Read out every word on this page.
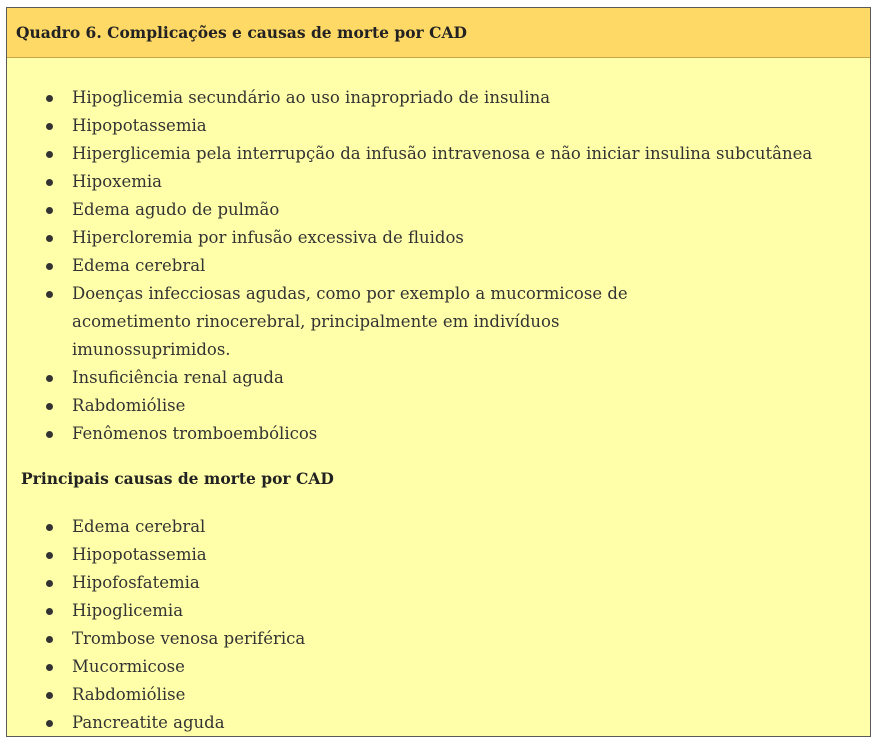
Quadro 6. Complicações e causas de morte por CAD
Hipoglicemia secundário ao uso inapropriado de insulina
Hipopotassemia
Hiperglicemia pela interrupção da infusão intravenosa e não iniciar insulina subcutânea
Hipoxemia
Edema agudo de pulmão
Hipercloremia por infusão excessiva de fluidos
Edema cerebral
Doenças infecciosas agudas, como por exemplo a mucormicose de acometimento rinocerebral, principalmente em indivíduos imunossuprimidos.
Insuficiência renal aguda
Rabdomiólise
Fenômenos tromboembólicos
Principais causas de morte por CAD
Edema cerebral
Hipopotassemia
Hipofosfatemia
Hipoglicemia
Trombose venosa periférica
Mucormicose
Rabdomiólise
Pancreatite aguda
